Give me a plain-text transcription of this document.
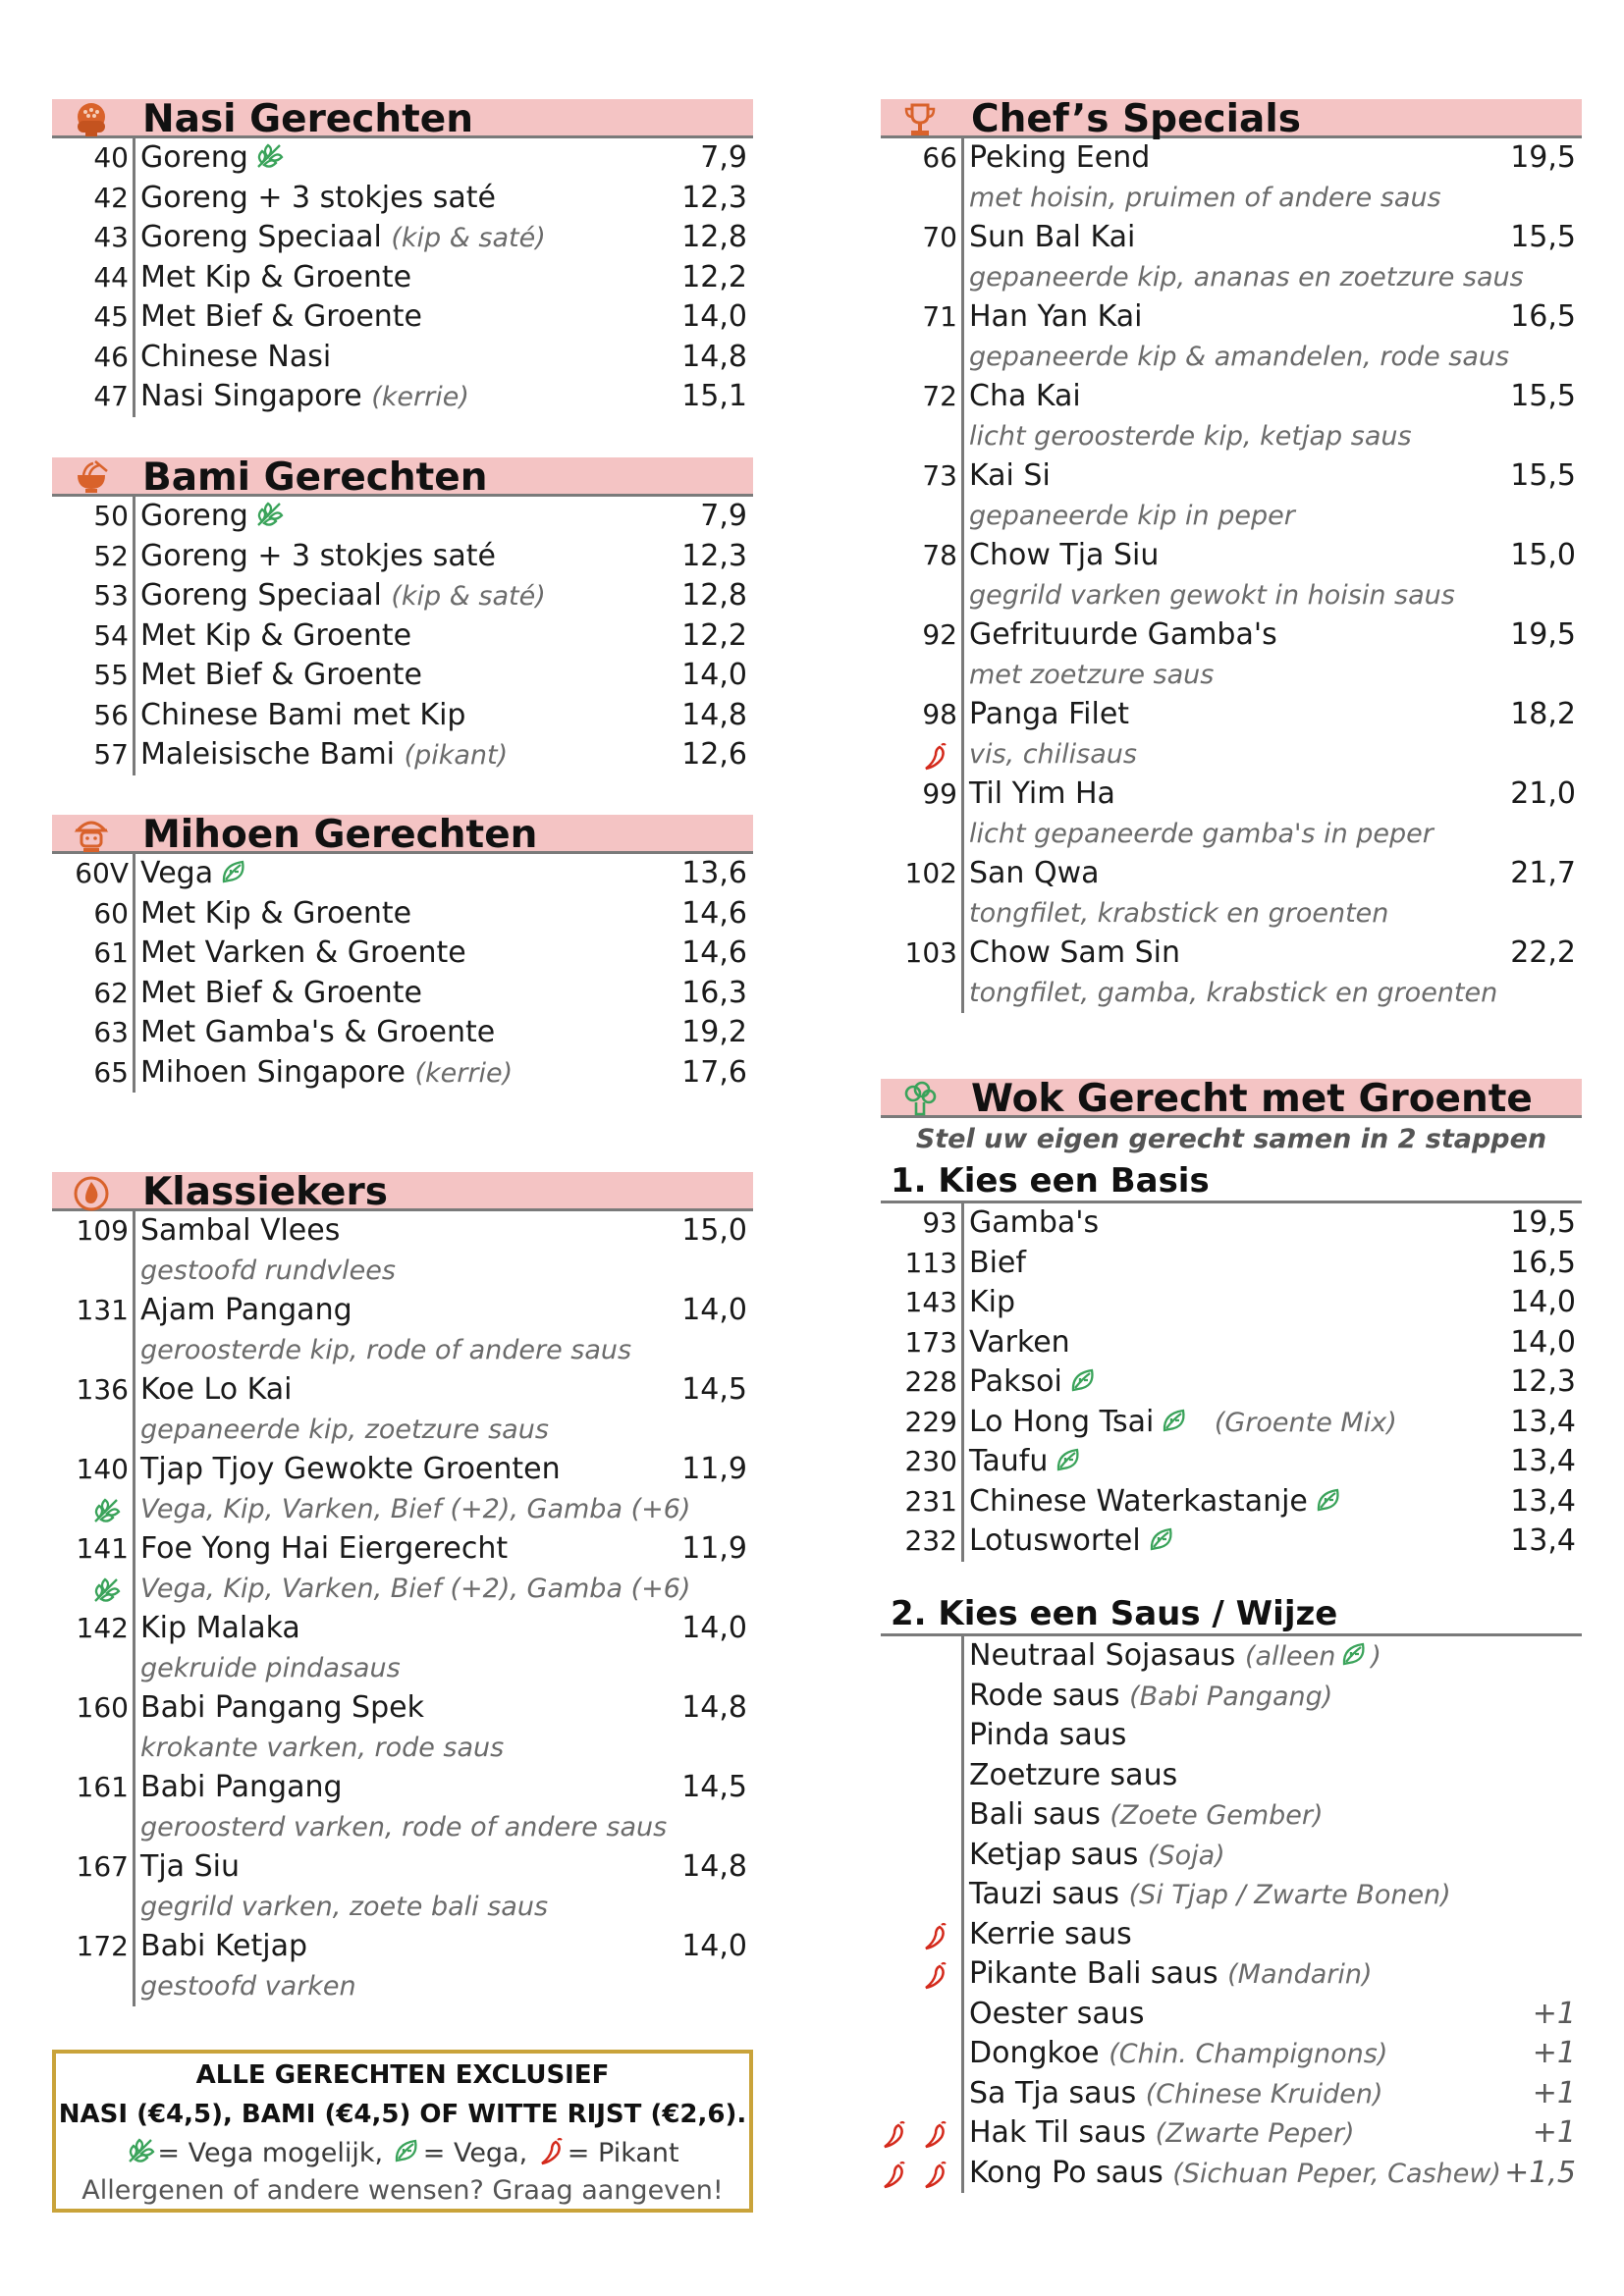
Nasi Gerechten
40 Goreng	7,9
42 Goreng + 3 stokjes saté	12,3
43 Goreng Speciaal (kip & saté)	12,8
44 Met Kip & Groente	12,2
45 Met Bief & Groente	14,0
46 Chinese Nasi	14,8
47 Nasi Singapore (kerrie)	15,1
Bami Gerechten
50 Goreng	7,9
52 Goreng + 3 stokjes saté	12,3
53 Goreng Speciaal (kip & saté)	12,8
54 Met Kip & Groente	12,2
55 Met Bief & Groente	14,0
56 Chinese Bami met Kip	14,8
57 Maleisische Bami (pikant)	12,6
Mihoen Gerechten
60V Vega	13,6
60 Met Kip & Groente	14,6
61 Met Varken & Groente	14,6
62 Met Bief & Groente	16,3
63 Met Gamba's & Groente	19,2
65 Mihoen Singapore (kerrie)	17,6
Klassiekers
109 Sambal Vlees	15,0
gestoofd rundvlees
131 Ajam Pangang	14,0
geroosterde kip, rode of andere saus
136 Koe Lo Kai	14,5
gepaneerde kip, zoetzure saus
140 Tjap Tjoy Gewokte Groenten	11,9
Vega, Kip, Varken, Bief (+2), Gamba (+6)
141 Foe Yong Hai Eiergerecht	11,9
Vega, Kip, Varken, Bief (+2), Gamba (+6)
142 Kip Malaka	14,0
gekruide pindasaus
160 Babi Pangang Spek	14,8
krokante varken, rode saus
161 Babi Pangang	14,5
geroosterd varken, rode of andere saus
167 Tja Siu	14,8
gegrild varken, zoete bali saus
172 Babi Ketjap	14,0
gestoofd varken
ALLE GERECHTEN EXCLUSIEF
NASI (€4,5), BAMI (€4,5) OF WITTE RIJST (€2,6).
= Vega mogelijk, = Vega, = Pikant
Allergenen of andere wensen? Graag aangeven!
Chef’s Specials
66 Peking Eend	19,5
met hoisin, pruimen of andere saus
70 Sun Bal Kai	15,5
gepaneerde kip, ananas en zoetzure saus
71 Han Yan Kai	16,5
gepaneerde kip & amandelen, rode saus
72 Cha Kai	15,5
licht geroosterde kip, ketjap saus
73 Kai Si	15,5
gepaneerde kip in peper
78 Chow Tja Siu	15,0
gegrild varken gewokt in hoisin saus
92 Gefrituurde Gamba's	19,5
met zoetzure saus
98 Panga Filet	18,2
vis, chilisaus
99 Til Yim Ha	21,0
licht gepaneerde gamba's in peper
102 San Qwa	21,7
tongfilet, krabstick en groenten
103 Chow Sam Sin	22,2
tongfilet, gamba, krabstick en groenten
Wok Gerecht met Groente
Stel uw eigen gerecht samen in 2 stappen
1. Kies een Basis
93 Gamba's	19,5
113 Bief	16,5
143 Kip	14,0
173 Varken	14,0
228 Paksoi	12,3
229 Lo Hong Tsai (Groente Mix)	13,4
230 Taufu	13,4
231 Chinese Waterkastanje	13,4
232 Lotuswortel	13,4
2. Kies een Saus / Wijze
Neutraal Sojasaus (alleen )
Rode saus (Babi Pangang)
Pinda saus
Zoetzure saus
Bali saus (Zoete Gember)
Ketjap saus (Soja)
Tauzi saus (Si Tjap / Zwarte Bonen)
Kerrie saus
Pikante Bali saus (Mandarin)
Oester saus	+1
Dongkoe (Chin. Champignons)	+1
Sa Tja saus (Chinese Kruiden)	+1
Hak Til saus (Zwarte Peper)	+1
Kong Po saus (Sichuan Peper, Cashew) +1,5
